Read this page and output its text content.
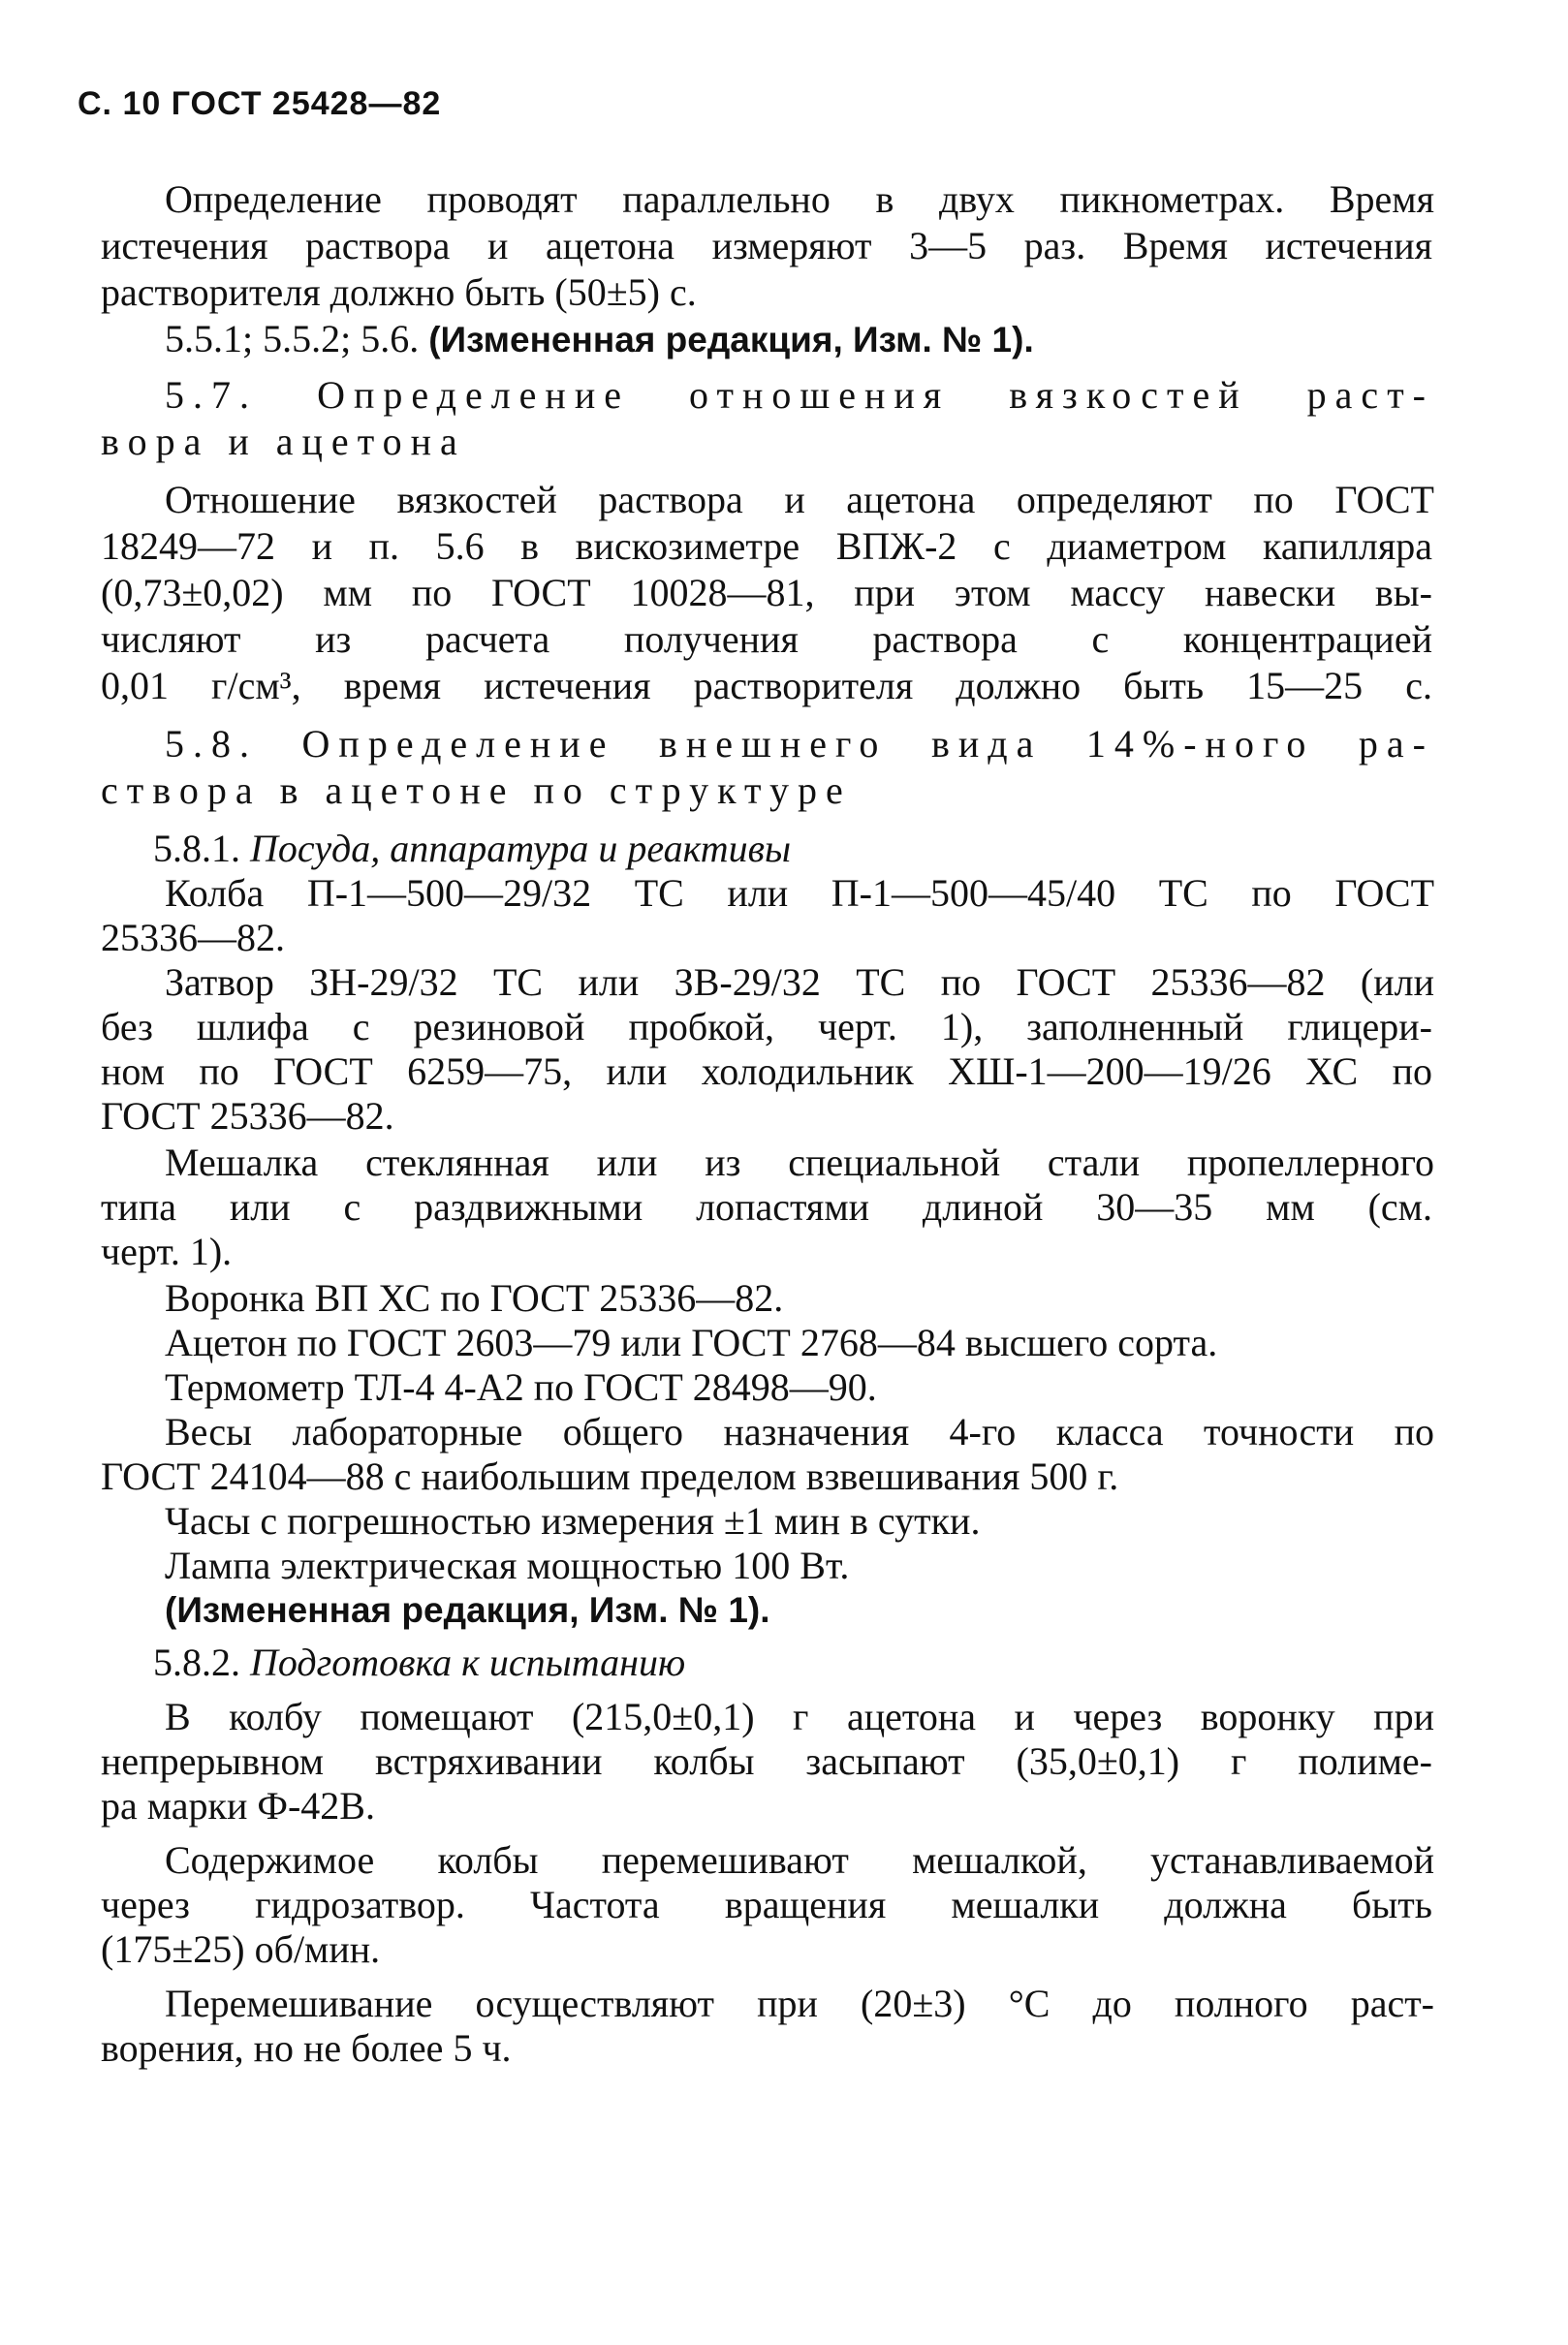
С. 10 ГОСТ 25428—82
Определение проводят параллельно в двух пикнометрах. Время
истечения раствора и ацетона измеряют 3—5 раз. Время истечения
растворителя должно быть (50±5) с.
5.5.1; 5.5.2; 5.6. (Измененная редакция, Изм. № 1).
5.7. Определение отношения вязкостей раст-
вора и ацетона
Отношение вязкостей раствора и ацетона определяют по ГОСТ
18249—72 и п. 5.6 в вискозиметре ВПЖ-2 с диаметром капилляра
(0,73±0,02) мм по ГОСТ 10028—81, при этом массу навески вы-
числяют из расчета получения раствора с концентрацией
0,01 г/см³, время истечения растворителя должно быть 15—25 с.
5.8. Определение внешнего вида 14%-ного ра-
створа в ацетоне по структуре
5.8.1. Посуда, аппаратура и реактивы
Колба П-1—500—29/32 ТС или П-1—500—45/40 ТС по ГОСТ
25336—82.
Затвор ЗН-29/32 ТС или ЗВ-29/32 ТС по ГОСТ 25336—82 (или
без шлифа с резиновой пробкой, черт. 1), заполненный глицери-
ном по ГОСТ 6259—75, или холодильник ХШ-1—200—19/26 ХС по
ГОСТ 25336—82.
Мешалка стеклянная или из специальной стали пропеллерного
типа или с раздвижными лопастями длиной 30—35 мм (см.
черт. 1).
Воронка ВП ХС по ГОСТ 25336—82.
Ацетон по ГОСТ 2603—79 или ГОСТ 2768—84 высшего сорта.
Термометр ТЛ-4 4-А2 по ГОСТ 28498—90.
Весы лабораторные общего назначения 4-го класса точности по
ГОСТ 24104—88 с наибольшим пределом взвешивания 500 г.
Часы с погрешностью измерения ±1 мин в сутки.
Лампа электрическая мощностью 100 Вт.
(Измененная редакция, Изм. № 1).
5.8.2. Подготовка к испытанию
В колбу помещают (215,0±0,1) г ацетона и через воронку при
непрерывном встряхивании колбы засыпают (35,0±0,1) г полиме-
ра марки Ф-42В.
Содержимое колбы перемешивают мешалкой, устанавливаемой
через гидрозатвор. Частота вращения мешалки должна быть
(175±25) об/мин.
Перемешивание осуществляют при (20±3) °С до полного раст-
ворения, но не более 5 ч.
